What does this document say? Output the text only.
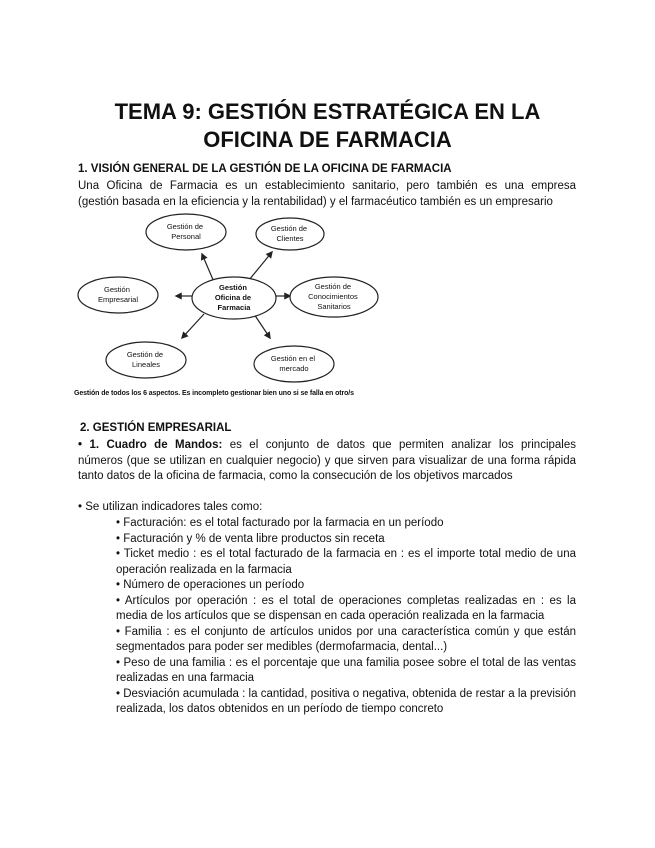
TEMA 9: GESTIÓN ESTRATÉGICA EN LA
OFICINA DE FARMACIA
1. VISIÓN GENERAL DE LA GESTIÓN DE LA OFICINA DE FARMACIA
Una Oficina de Farmacia es un establecimiento sanitario, pero también es una empresa
(gestión basada en la eficiencia y la rentabilidad) y el farmacéutico también es un empresario
Gestión Oficina de Farmacia
Gestión de Personal
Gestión de Clientes
Gestión Empresarial
Gestión de Conocimientos Sanitarios
Gestión de Lineales
Gestión en el mercado
Gestión de todos los 6 aspectos. Es incompleto gestionar bien uno si se falla en otro/s
2. GESTIÓN EMPRESARIAL
• 1. Cuadro de Mandos: es el conjunto de datos que permiten analizar los principales
números (que se utilizan en cualquier negocio) y que sirven para visualizar de una forma rápida
tanto datos de la oficina de farmacia, como la consecución de los objetivos marcados
• Se utilizan indicadores tales como:
• Facturación: es el total facturado por la farmacia en un período
• Facturación y % de venta libre productos sin receta
• Ticket medio : es el total facturado de la farmacia en : es el importe total medio de una operación realizada en la farmacia
• Número de operaciones un período
• Artículos por operación : es el total de operaciones completas realizadas en : es la media de los artículos que se dispensan en cada operación realizada en la farmacia
• Familia : es el conjunto de artículos unidos por una característica común y que están segmentados para poder ser medibles (dermofarmacia, dental...)
• Peso de una familia : es el porcentaje que una familia posee sobre el total de las ventas realizadas en una farmacia
• Desviación acumulada : la cantidad, positiva o negativa, obtenida de restar a la previsión realizada, los datos obtenidos en un período de tiempo concreto
